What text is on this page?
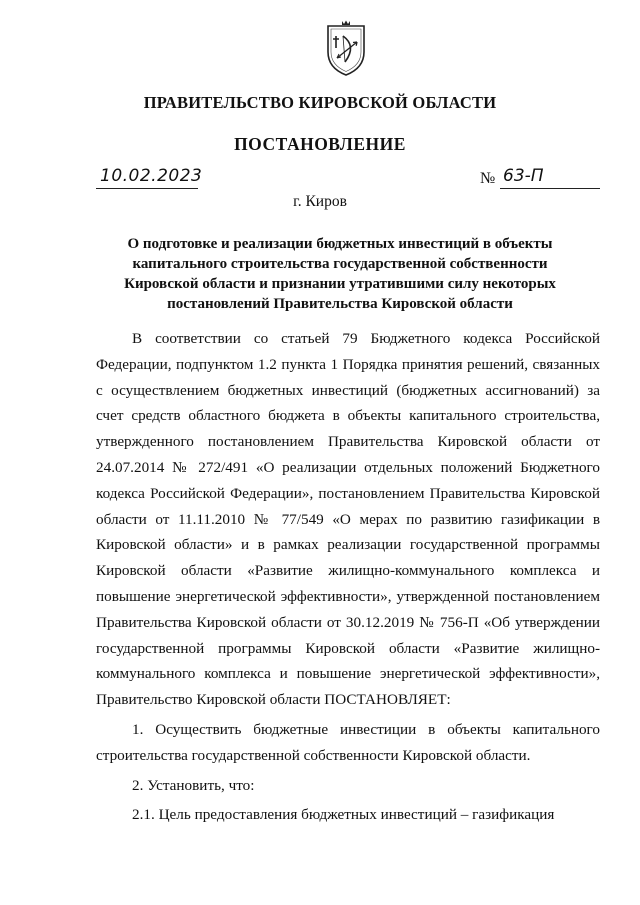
ПРАВИТЕЛЬСТВО КИРОВСКОЙ ОБЛАСТИ
ПОСТАНОВЛЕНИЕ
10.02.2023	№ 63-П
г. Киров
О подготовке и реализации бюджетных инвестиций в объекты капитального строительства государственной собственности Кировской области и признании утратившими силу некоторых постановлений Правительства Кировской области

В соответствии со статьей 79 Бюджетного кодекса Российской Федерации, подпунктом 1.2 пункта 1 Порядка принятия решений, связанных с осуществлением бюджетных инвестиций (бюджетных ассигнований) за счет средств областного бюджета в объекты капитального строительства, утвержденного постановлением Правительства Кировской области от 24.07.2014 № 272/491 «О реализации отдельных положений Бюджетного кодекса Российской Федерации», постановлением Правительства Кировской области от 11.11.2010 № 77/549 «О мерах по развитию газификации в Кировской области» и в рамках реализации государственной программы Кировской области «Развитие жилищно-коммунального комплекса и повышение энергетической эффективности», утвержденной постановлением Правительства Кировской области от 30.12.2019 № 756-П «Об утверждении государственной программы Кировской области «Развитие жилищно-коммунального комплекса и повышение энергетической эффективности», Правительство Кировской области ПОСТАНОВЛЯЕТ:

1. Осуществить бюджетные инвестиции в объекты капитального строительства государственной собственности Кировской области.

2. Установить, что:

2.1. Цель предоставления бюджетных инвестиций – газификация
